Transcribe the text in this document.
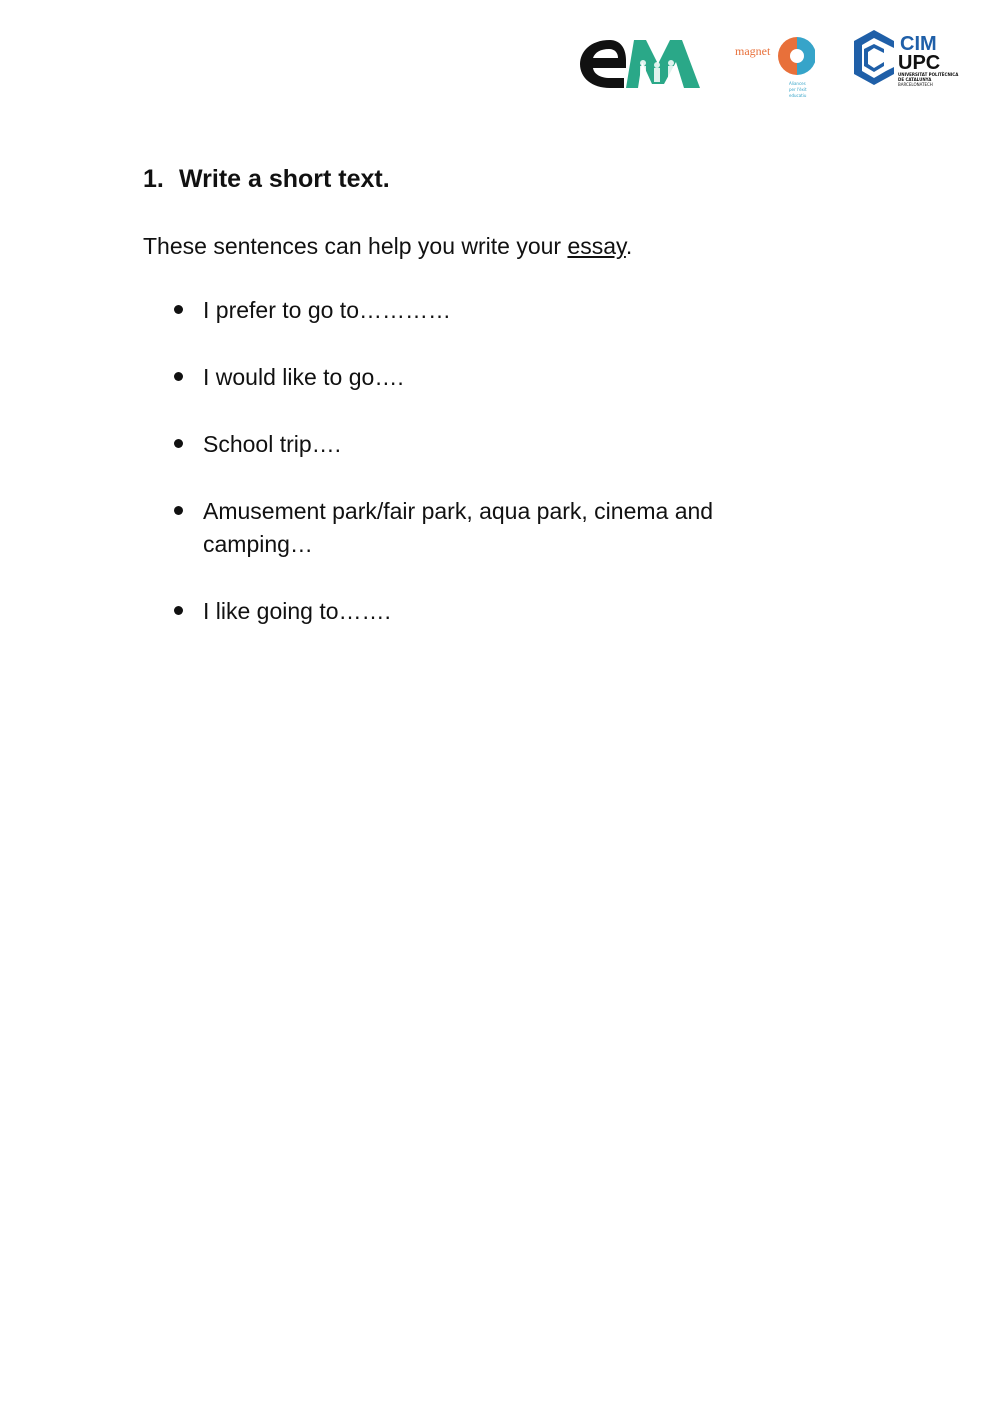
magnet
Aliances
per l'èxit
educatiu
CIM
UPC
UNIVERSITAT POLITÈCNICA
DE CATALUNYA
BARCELONATECH
1. Write a short text.

These sentences can help you write your essay.

I prefer to go to…………
I would like to go….
School trip….
Amusement park/fair park, aqua park, cinema and camping…
I like going to…….
